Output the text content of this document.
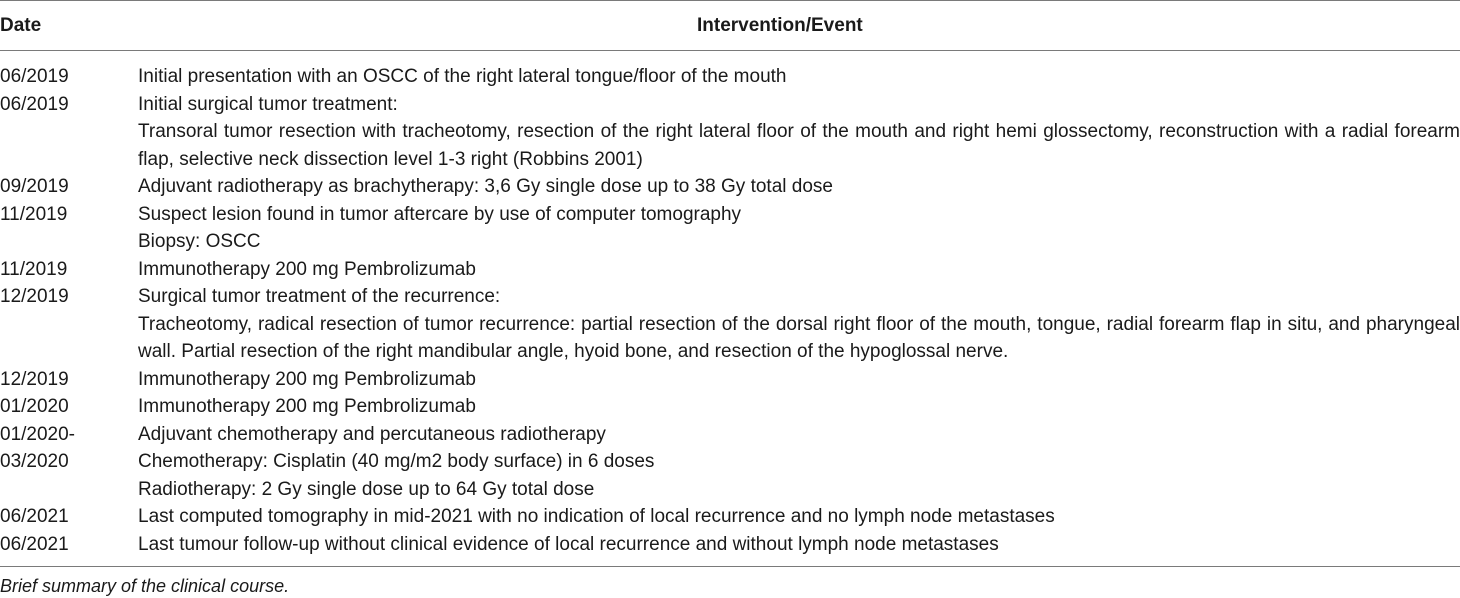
Date	Intervention/Event
06/2019	Initial presentation with an OSCC of the right lateral tongue/floor of the mouth
06/2019	Initial surgical tumor treatment:
Transoral tumor resection with tracheotomy, resection of the right lateral floor of the mouth and right hemi glossectomy, reconstruction with a radial forearm
flap, selective neck dissection level 1-3 right (Robbins 2001)
09/2019	Adjuvant radiotherapy as brachytherapy: 3,6 Gy single dose up to 38 Gy total dose
11/2019	Suspect lesion found in tumor aftercare by use of computer tomography
Biopsy: OSCC
11/2019	Immunotherapy 200 mg Pembrolizumab
12/2019	Surgical tumor treatment of the recurrence:
Tracheotomy, radical resection of tumor recurrence: partial resection of the dorsal right floor of the mouth, tongue, radial forearm flap in situ, and pharyngeal
wall. Partial resection of the right mandibular angle, hyoid bone, and resection of the hypoglossal nerve.
12/2019	Immunotherapy 200 mg Pembrolizumab
01/2020	Immunotherapy 200 mg Pembrolizumab
01/2020-	Adjuvant chemotherapy and percutaneous radiotherapy
03/2020	Chemotherapy: Cisplatin (40 mg/m2 body surface) in 6 doses
Radiotherapy: 2 Gy single dose up to 64 Gy total dose
06/2021	Last computed tomography in mid-2021 with no indication of local recurrence and no lymph node metastases
06/2021	Last tumour follow-up without clinical evidence of local recurrence and without lymph node metastases
Brief summary of the clinical course.
